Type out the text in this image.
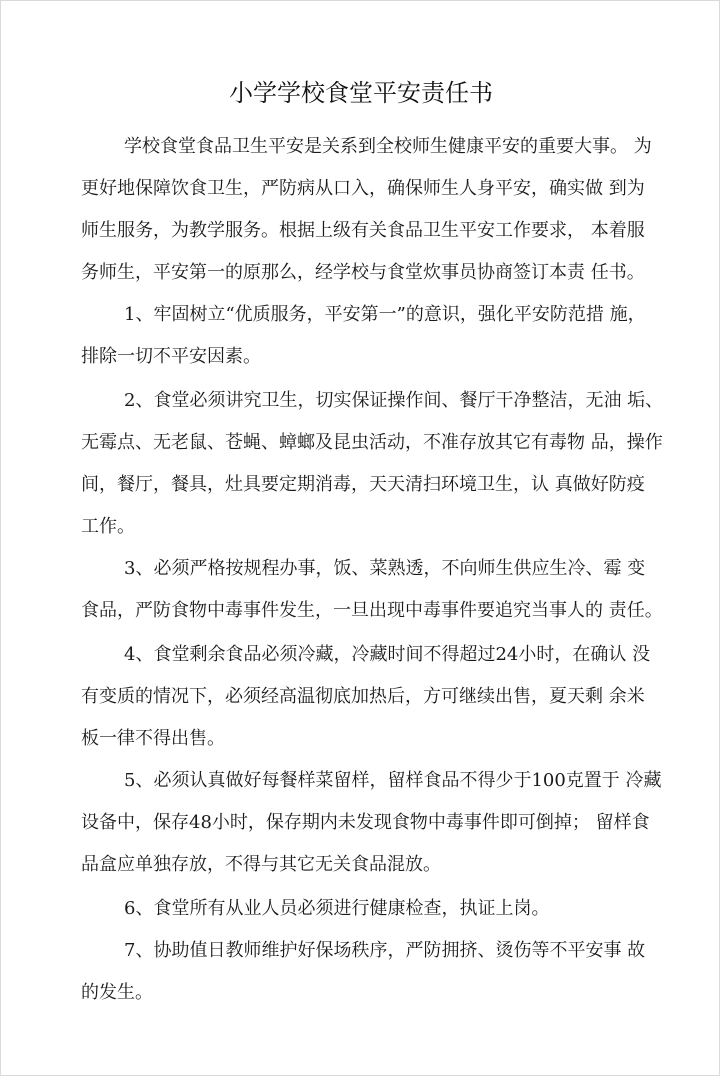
小学学校食堂平安责任书

学校食堂食品卫生平安是关系到全校师生健康平安的重要大事。 为

更好地保障饮食卫生，严防病从口入，确保师生人身平安，确实做 到为

师生服务，为教学服务。根据上级有关食品卫生平安工作要求， 本着服

务师生，平安第一的原那么，经学校与食堂炊事员协商签订本责 任书。

1、牢固树立“优质服务，平安第一”的意识，强化平安防范措 施，

排除一切不平安因素。

2、食堂必须讲究卫生，切实保证操作间、餐厅干净整洁，无油 垢、

无霉点、无老鼠、苍蝇、蟑螂及昆虫活动，不准存放其它有毒物 品，操作

间，餐厅，餐具，灶具要定期消毒，天天清扫环境卫生，认 真做好防疫

工作。

3、必须严格按规程办事，饭、菜熟透，不向师生供应生冷、霉 变

食品，严防食物中毒事件发生，一旦出现中毒事件要追究当事人的 责任。

4、食堂剩余食品必须冷藏，冷藏时间不得超过24小时，在确认 没

有变质的情况下，必须经高温彻底加热后，方可继续出售，夏天剩 余米

板一律不得出售。

5、必须认真做好每餐样菜留样，留样食品不得少于100克置于 冷藏

设备中，保存48小时，保存期内未发现食物中毒事件即可倒掉； 留样食

品盒应单独存放，不得与其它无关食品混放。

6、食堂所有从业人员必须进行健康检查，执证上岗。

7、协助值日教师维护好保场秩序，严防拥挤、烫伤等不平安事 故

的发生。
